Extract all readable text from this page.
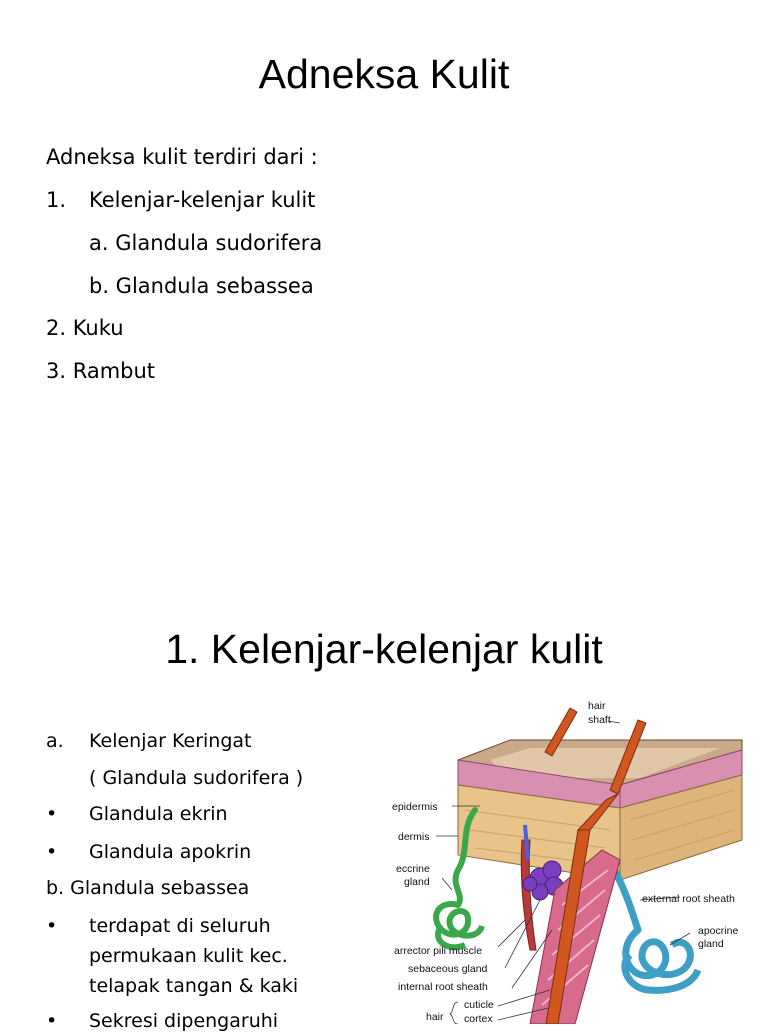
Adneksa Kulit
Adneksa kulit terdiri dari :
1. Kelenjar-kelenjar kulit
a. Glandula sudorifera
b. Glandula sebassea
2. Kuku
3. Rambut
1. Kelenjar-kelenjar kulit
a. Kelenjar Keringat
( Glandula sudorifera )
• Glandula ekrin
• Glandula apokrin
b. Glandula sebassea
• terdapat di seluruh
permukaan kulit kec.
telapak tangan & kaki
• Sekresi dipengaruhi
hair
shaft
epidermis
dermis
eccrine
gland
external root sheath
apocrine
gland
arrector pili muscle
sebaceous gland
internal root sheath
cuticle
cortex
hair
